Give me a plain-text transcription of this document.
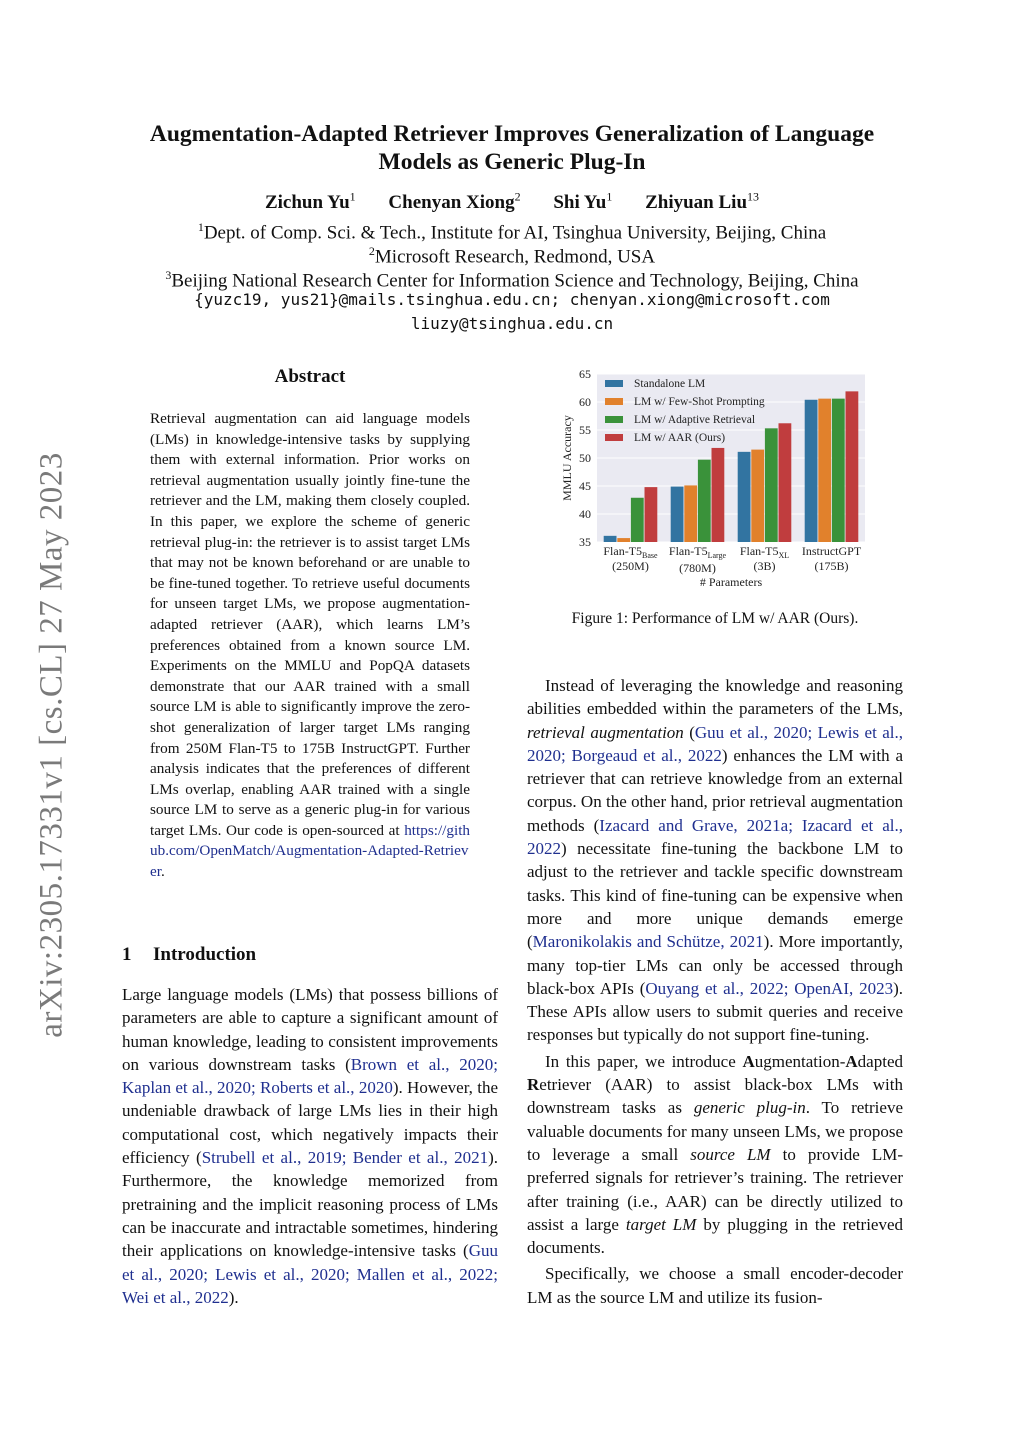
arXiv:2305.17331v1 [cs.CL] 27 May 2023
Augmentation-Adapted Retriever Improves Generalization of Language
Models as Generic Plug-In
Zichun Yu$^1$ Chenyan Xiong$^2$ Shi Yu$^1$ Zhiyuan Liu$^{13}$
$^1$Dept. of Comp. Sci. & Tech., Institute for AI, Tsinghua University, Beijing, China
$^2$Microsoft Research, Redmond, USA
$^3$Beijing National Research Center for Information Science and Technology, Beijing, China
{yuzc19, yus21}@mails.tsinghua.edu.cn; chenyan.xiong@microsoft.com
liuzy@tsinghua.edu.cn
Abstract
Retrieval augmentation can aid language models (LMs) in knowledge-intensive tasks by supplying them with external information. Prior works on retrieval augmentation usually jointly fine-tune the retriever and the LM, making them closely coupled. In this paper, we explore the scheme of generic retrieval plug-in: the retriever is to assist target LMs that may not be known beforehand or are unable to be fine-tuned together. To retrieve useful documents for unseen target LMs, we propose augmentation-adapted retriever (AAR), which learns LM’s preferences obtained from a known source LM. Experiments on the MMLU and PopQA datasets demonstrate that our AAR trained with a small source LM is able to significantly improve the zero-shot generalization of larger target LMs ranging from 250M Flan-T5 to 175B InstructGPT. Further analysis indicates that the preferences of different LMs overlap, enabling AAR trained with a single source LM to serve as a generic plug-in for various target LMs. Our code is open-sourced at https://github.com/OpenMatch/Augmentation-Adapted-Retriever.
35
40
45
50
55
60
65
Flan-$T5_{Base}$
(250M)
Flan-$T5_{Large}$
(780M)
Flan-$T5_{XL}$
(3B)
InstructGPT
(175B)
# Parameters
MMLU Accuracy
Standalone LM
LM w/ Few-Shot Prompting
LM w/ Adaptive Retrieval
LM w/ AAR (Ours)
Figure 1: Performance of LM w/ AAR (Ours).
1 Introduction

Large language models (LMs) that possess billions of parameters are able to capture a significant amount of human knowledge, leading to consistent improvements on various downstream tasks (Brown et al., 2020; Kaplan et al., 2020; Roberts et al., 2020). However, the undeniable drawback of large LMs lies in their high computational cost, which negatively impacts their efficiency (Strubell et al., 2019; Bender et al., 2021). Furthermore, the knowledge memorized from pretraining and the implicit reasoning process of LMs can be inaccurate and intractable sometimes, hindering their applications on knowledge-intensive tasks (Guu et al., 2020; Lewis et al., 2020; Mallen et al., 2022; Wei et al., 2022).

Instead of leveraging the knowledge and reasoning abilities embedded within the parameters of the LMs, retrieval augmentation (Guu et al., 2020; Lewis et al., 2020; Borgeaud et al., 2022) enhances the LM with a retriever that can retrieve knowledge from an external corpus. On the other hand, prior retrieval augmentation methods (Izacard and Grave, 2021a; Izacard et al., 2022) necessitate fine-tuning the backbone LM to adjust to the retriever and tackle specific downstream tasks. This kind of fine-tuning can be expensive when more and more unique demands emerge (Maronikolakis and Schütze, 2021). More importantly, many top-tier LMs can only be accessed through black-box APIs (Ouyang et al., 2022; OpenAI, 2023). These APIs allow users to submit queries and receive responses but typically do not support fine-tuning.

In this paper, we introduce Augmentation-Adapted Retriever (AAR) to assist black-box LMs with downstream tasks as generic plug-in. To retrieve valuable documents for many unseen LMs, we propose to leverage a small source LM to provide LM-preferred signals for retriever’s training. The retriever after training (i.e., AAR) can be directly utilized to assist a large target LM by plugging in the retrieved documents.

Specifically, we choose a small encoder-decoder LM as the source LM and utilize its fusion-
